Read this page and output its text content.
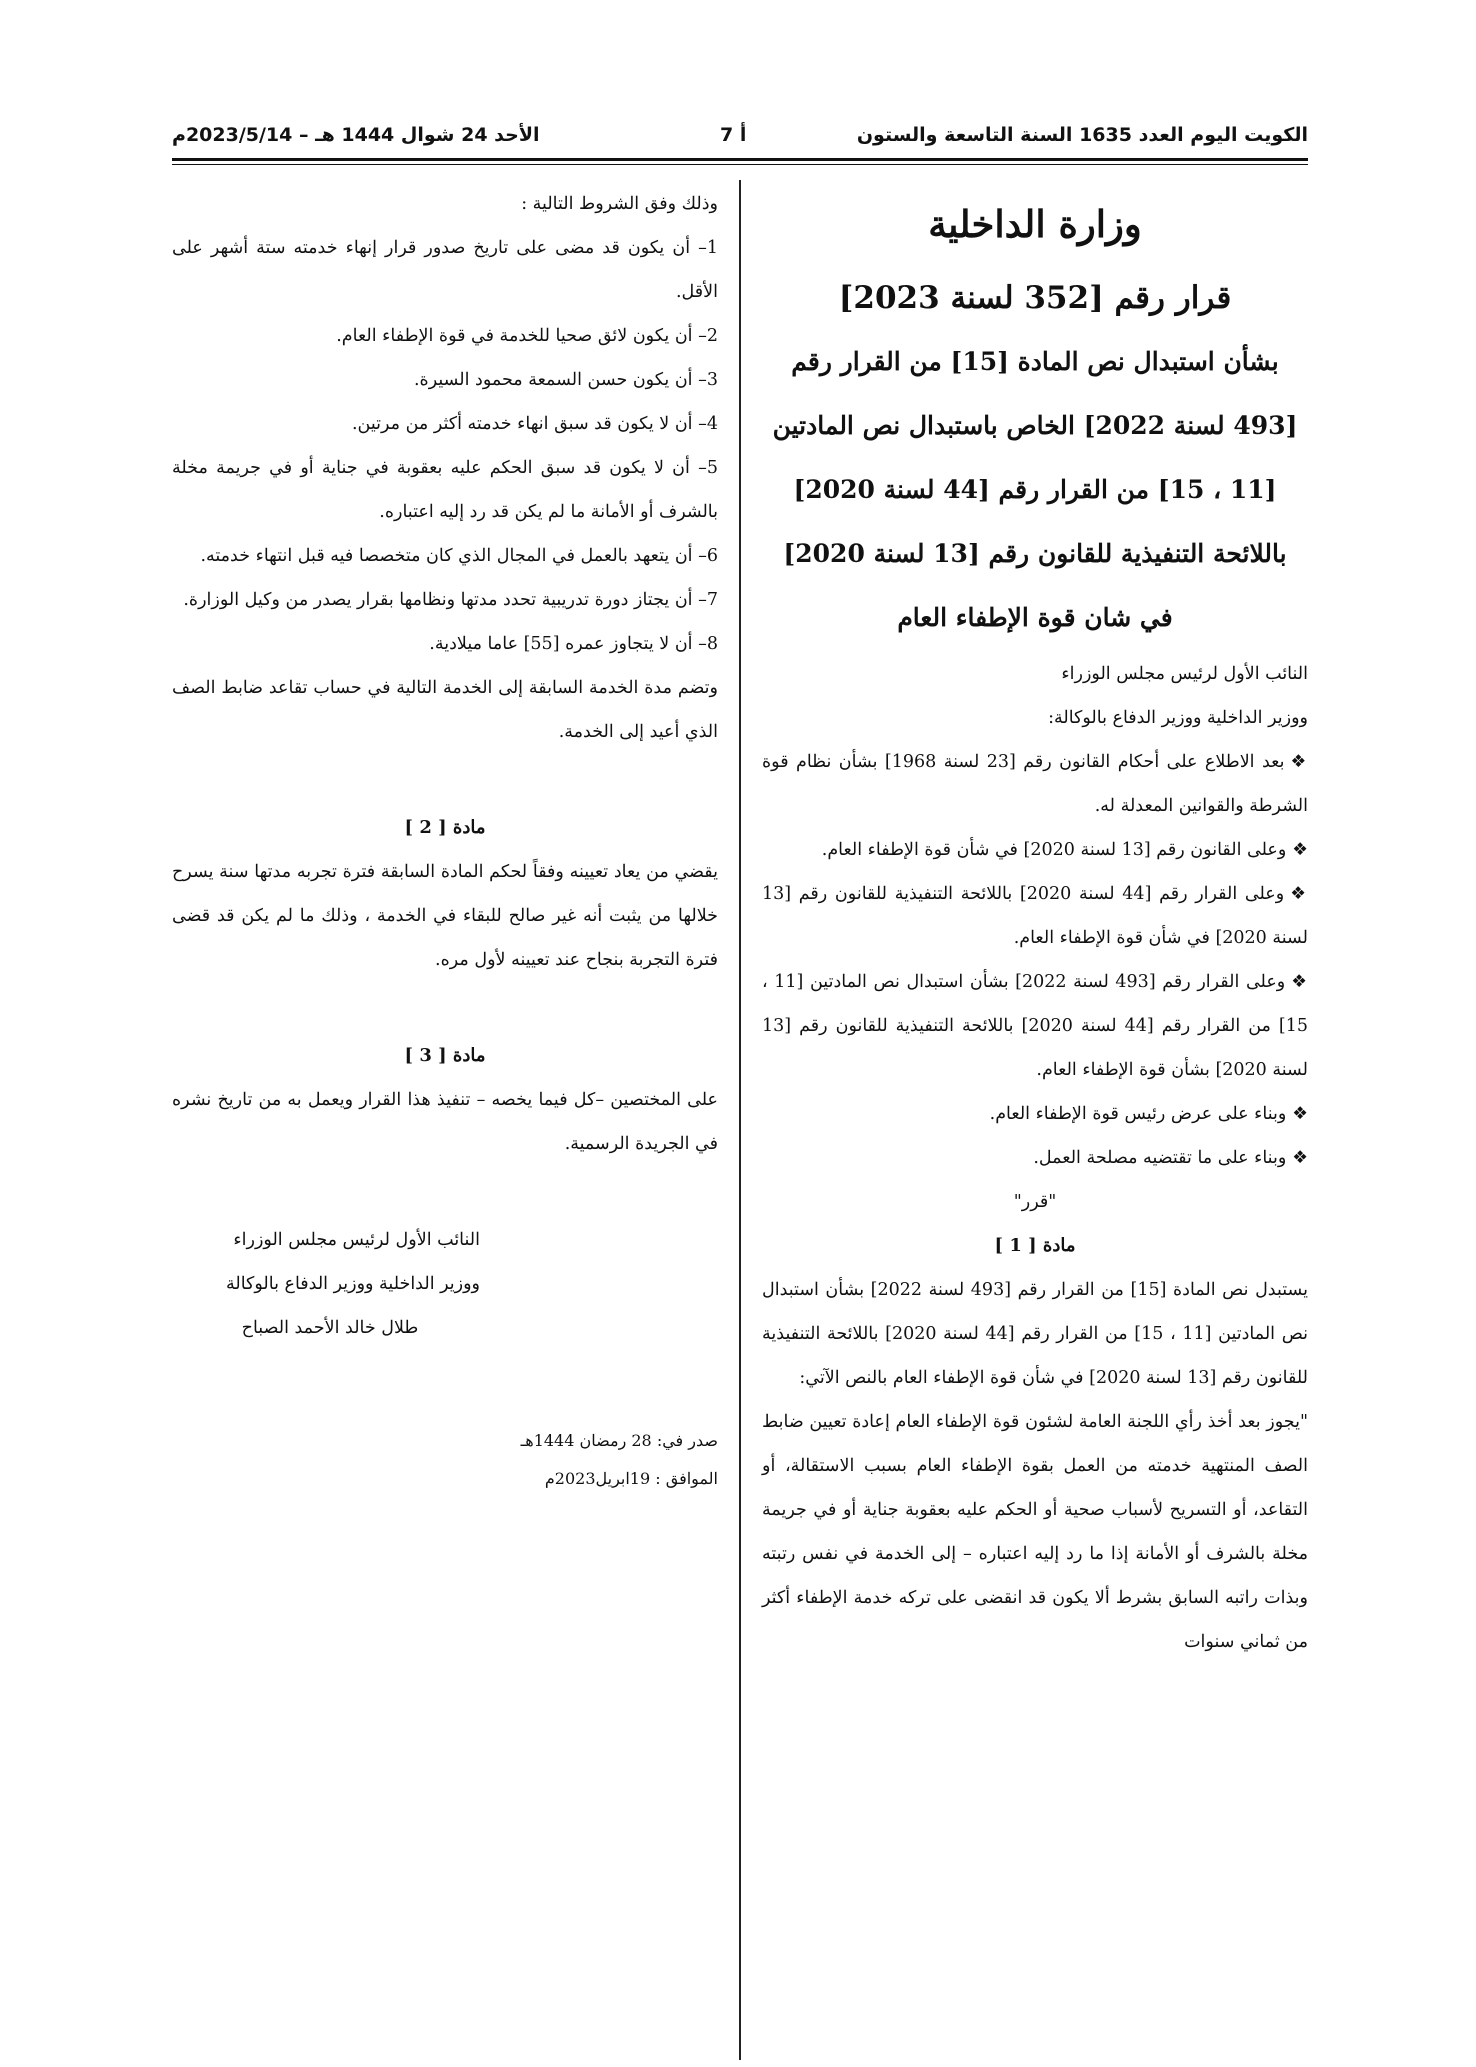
الكويت اليوم العدد 1635 السنة التاسعة والستون
أ 7
الأحد 24 شوال 1444 هـ – 2023/5/14م
وزارة الداخلية
قرار رقم [352 لسنة 2023]
بشأن استبدال نص المادة [15] من القرار رقم
[493 لسنة 2022] الخاص باستبدال نص المادتين
[11 ، 15] من القرار رقم [44 لسنة 2020]
باللائحة التنفيذية للقانون رقم [13 لسنة 2020]
في شان قوة الإطفاء العام

النائب الأول لرئيس مجلس الوزراء

ووزير الداخلية ووزير الدفاع بالوكالة:

❖بعد الاطلاع على أحكام القانون رقم [23 لسنة 1968] بشأن نظام قوة الشرطة والقوانين المعدلة له.

❖وعلى القانون رقم [13 لسنة 2020] في شأن قوة الإطفاء العام.

❖وعلى القرار رقم [44 لسنة 2020] باللائحة التنفيذية للقانون رقم [13 لسنة 2020] في شأن قوة الإطفاء العام.

❖وعلى القرار رقم [493 لسنة 2022] بشأن استبدال نص المادتين [11 ، 15] من القرار رقم [44 لسنة 2020] باللائحة التنفيذية للقانون رقم [13 لسنة 2020] بشأن قوة الإطفاء العام.

❖وبناء على عرض رئيس قوة الإطفاء العام.

❖وبناء على ما تقتضيه مصلحة العمل.

"قرر"

مادة [ 1 ]

يستبدل نص المادة [15] من القرار رقم [493 لسنة 2022] بشأن استبدال نص المادتين [11 ، 15] من القرار رقم [44 لسنة 2020] باللائحة التنفيذية للقانون رقم [13 لسنة 2020] في شأن قوة الإطفاء العام بالنص الآتي:

"يجوز بعد أخذ رأي اللجنة العامة لشئون قوة الإطفاء العام إعادة تعيين ضابط الصف المنتهية خدمته من العمل بقوة الإطفاء العام بسبب الاستقالة، أو التقاعد، أو التسريح لأسباب صحية أو الحكم عليه بعقوبة جناية أو في جريمة مخلة بالشرف أو الأمانة إذا ما رد إليه اعتباره – إلى الخدمة في نفس رتبته وبذات راتبه السابق بشرط ألا يكون قد انقضى على تركه خدمة الإطفاء أكثر من ثماني سنوات

وذلك وفق الشروط التالية :

1– أن يكون قد مضى على تاريخ صدور قرار إنهاء خدمته ستة أشهر على الأقل.

2– أن يكون لائق صحيا للخدمة في قوة الإطفاء العام.

3– أن يكون حسن السمعة محمود السيرة.

4– أن لا يكون قد سبق انهاء خدمته أكثر من مرتين.

5– أن لا يكون قد سبق الحكم عليه بعقوبة في جناية أو في جريمة مخلة بالشرف أو الأمانة ما لم يكن قد رد إليه اعتباره.

6– أن يتعهد بالعمل في المجال الذي كان متخصصا فيه قبل انتهاء خدمته.

7– أن يجتاز دورة تدريبية تحدد مدتها ونظامها بقرار يصدر من وكيل الوزارة.

8– أن لا يتجاوز عمره [55] عاما ميلادية.

وتضم مدة الخدمة السابقة إلى الخدمة التالية في حساب تقاعد ضابط الصف الذي أعيد إلى الخدمة.

مادة [ 2 ]

يقضي من يعاد تعيينه وفقاً لحكم المادة السابقة فترة تجربه مدتها سنة يسرح خلالها من يثبت أنه غير صالح للبقاء في الخدمة ، وذلك ما لم يكن قد قضى فترة التجربة بنجاح عند تعيينه لأول مره.

مادة [ 3 ]

على المختصين –كل فيما يخصه – تنفيذ هذا القرار ويعمل به من تاريخ نشره في الجريدة الرسمية.

النائب الأول لرئيس مجلس الوزراء

ووزير الداخلية ووزير الدفاع بالوكالة

طلال خالد الأحمد الصباح

صدر في: 28 رمضان 1444هـ

الموافق : 19ابريل2023م
